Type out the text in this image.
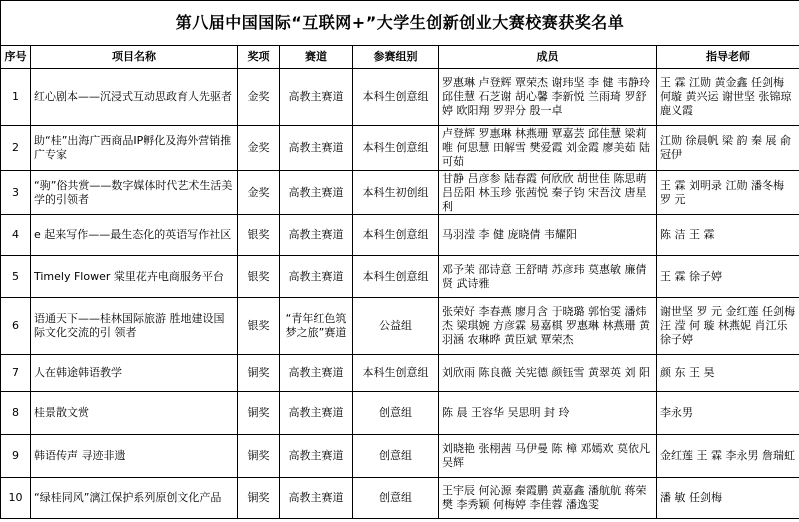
第八届中国国际“互联网+”大学生创新创业大赛校赛获奖名单						
序号	项目名称	奖项	赛道	参赛组别	成员	指导老师
1	红心剧本——沉浸式互动思政育人先驱者	金奖	高教主赛道	本科生创意组	罗惠琳 卢登辉 覃荣杰 谢玮坚 李 健 韦静玲 邱佳慧 石芝谢 胡心馨 李新悦 兰雨琦 罗舒婷 欧阳翔 罗羿分 殷一卓	王 霖 江勋 黄金鑫 任剑梅 何璇 黄兴运 谢世坚 张锦琼 鹿义霞
2	助“桂”出海广西商品IP孵化及海外营销推广专家	金奖	高教主赛道	本科生创意组	卢登辉 罗惠琳 林燕珊 覃嘉芸 邱佳慧 梁莉唯 何思慧 田解雪 樊爱霞 刘金霞 廖美茹 陆可茹	江勋 徐晨帆 梁 韵 秦 展 俞冠伊
3	“驹”俗共赏——数字媒体时代艺术生活美学的引领者	金奖	高教主赛道	本科生初创组	甘静 吕彦参 陆春霞 何欣欣 胡世佳 陈思萌 吕岳阳 林玉珍 张茜悦 秦子钧 宋吾汶 唐星利	王 霖 刘明录 江勋 潘冬梅 罗 元
4	e 起来写作——最生态化的英语写作社区	银奖	高教主赛道	本科生创意组	马羽滢 李 健 庞晓倩 韦耀阳	陈 洁 王 霖
5	Timely Flower 棠里花卉电商服务平台	银奖	高教主赛道	本科生创意组	邓予茉 邵诗意 王舒晴 苏彦玮 莫惠敏 廉倩贤 武诗雅	王 霖 徐子婷
6	语通天下——桂林国际旅游 胜地建设国际文化交流的引 领者	银奖	“青年红色筑梦之旅”赛道	公益组	张荣好 李春燕 廖月含 于晓璐 郭怡雯 潘炜杰 梁琪婉 方彦霖 易嘉棋 罗惠琳 林燕珊 黄羽涵 农琳晔 黄臣斌 覃荣杰	谢世坚 罗 元 金红莲 任剑梅 汪 滢 何 璇 林燕妮 肖江乐 徐子婷
7	人在韩途韩语教学	铜奖	高教主赛道	本科生创意组	刘欣雨 陈良薇 关宪德 颜钰雪 黄翠英 刘 阳	颜 东 王 昊
8	桂景散文赏	铜奖	高教主赛道	创意组	陈 晨 王容华 吴思明 封 玲	李永男
9	韩语传声 寻迹非遗	铜奖	高教主赛道	创意组	刘晓艳 张栩茜 马伊曼 陈 樟 邓嫣欢 莫依凡 吴辉	金红莲 王 霖 李永男 詹瑞虹
10	“绿桂同风”漓江保护系列原创文化产品	铜奖	高教主赛道	创意组	王宇辰 何沁源 秦霞鹏 黄嘉鑫 潘航航 蒋荣樊 李秀颖 何梅婷 李佳蓉 潘逸雯	潘 敏 任剑梅
